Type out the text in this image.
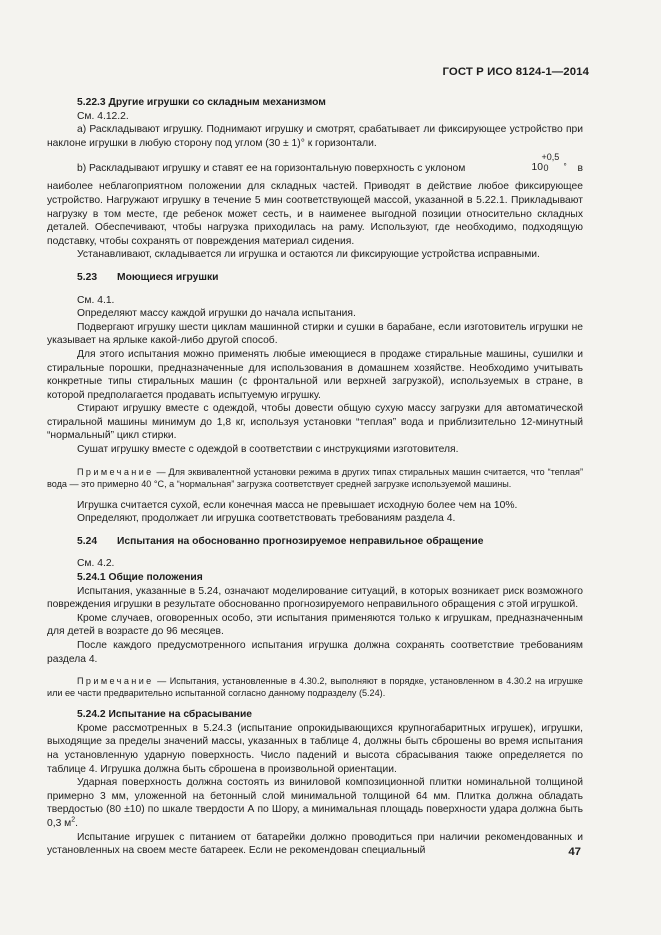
ГОСТ Р ИСО 8124-1—2014

5.22.3 Другие игрушки со складным механизмом

См. 4.12.2.

а) Раскладывают игрушку. Поднимают игрушку и смотрят, срабатывает ли фиксирующее устройство при наклоне игрушки в любую сторону под углом (30 ± 1)° к горизонтали.

b) Раскладывают игрушку и ставят ее на горизонтальную поверхность с уклоном	10
+0,5
0 ° в

наиболее неблагоприятном положении для складных частей. Приводят в действие любое фиксирующее устройство. Нагружают игрушку в течение 5 мин соответствующей массой, указанной в 5.22.1. Прикладывают нагрузку в том месте, где ребенок может сесть, и в наименее выгодной позиции относительно складных деталей. Обеспечивают, чтобы нагрузка приходилась на раму. Используют, где необходимо, подходящую подставку, чтобы сохранять от повреждения материал сидения.

Устанавливают, складывается ли игрушка и остаются ли фиксирующие устройства исправными.

5.23 Моющиеся игрушки

См. 4.1.

Определяют массу каждой игрушки до начала испытания.

Подвергают игрушку шести циклам машинной стирки и сушки в барабане, если изготовитель игрушки не указывает на ярлыке какой-либо другой способ.

Для этого испытания можно применять любые имеющиеся в продаже стиральные машины, сушилки и стиральные порошки, предназначенные для использования в домашнем хозяйстве. Необходимо учитывать конкретные типы стиральных машин (с фронтальной или верхней загрузкой), используемых в стране, в которой предполагается продавать испытуемую игрушку.

Стирают игрушку вместе с одеждой, чтобы довести общую сухую массу загрузки для автоматической стиральной машины минимум до 1,8 кг, используя установки “теплая” вода и приблизительно 12-минутный “нормальный” цикл стирки.

Сушат игрушку вместе с одеждой в соответствии с инструкциями изготовителя.

Примечание — Для эквивалентной установки режима в других типах стиральных машин считается, что “теплая” вода — это примерно 40 °С, а “нормальная” загрузка соответствует средней загрузке используемой машины.

Игрушка считается сухой, если конечная масса не превышает исходную более чем на 10%.

Определяют, продолжает ли игрушка соответствовать требованиям раздела 4.

5.24 Испытания на обоснованно прогнозируемое неправильное обращение

См. 4.2.

5.24.1 Общие положения

Испытания, указанные в 5.24, означают моделирование ситуаций, в которых возникает риск возможного повреждения игрушки в результате обоснованно прогнозируемого неправильного обращения с этой игрушкой.

Кроме случаев, оговоренных особо, эти испытания применяются только к игрушкам, предназначенным для детей в возрасте до 96 месяцев.

После каждого предусмотренного испытания игрушка должна сохранять соответствие требованиям раздела 4.

Примечание — Испытания, установленные в 4.30.2, выполняют в порядке, установленном в 4.30.2 на игрушке или ее части предварительно испытанной согласно данному подразделу (5.24).

5.24.2 Испытание на сбрасывание

Кроме рассмотренных в 5.24.3 (испытание опрокидывающихся крупногабаритных игрушек), игрушки, выходящие за пределы значений массы, указанных в таблице 4, должны быть сброшены во время испытания на установленную ударную поверхность. Число падений и высота сбрасывания также определяется по таблице 4. Игрушка должна быть сброшена в произвольной ориентации.

Ударная поверхность должна состоять из виниловой композиционной плитки номинальной толщиной примерно 3 мм, уложенной на бетонный слой минимальной толщиной 64 мм. Плитка должна обладать твердостью (80 ±10) по шкале твердости А по Шору, а минимальная площадь поверхности удара должна быть 0,3 $м^2$.

Испытание игрушек с питанием от батарейки должно проводиться при наличии рекомендованных и установленных на своем месте батареек. Если не рекомендован специальный	47
